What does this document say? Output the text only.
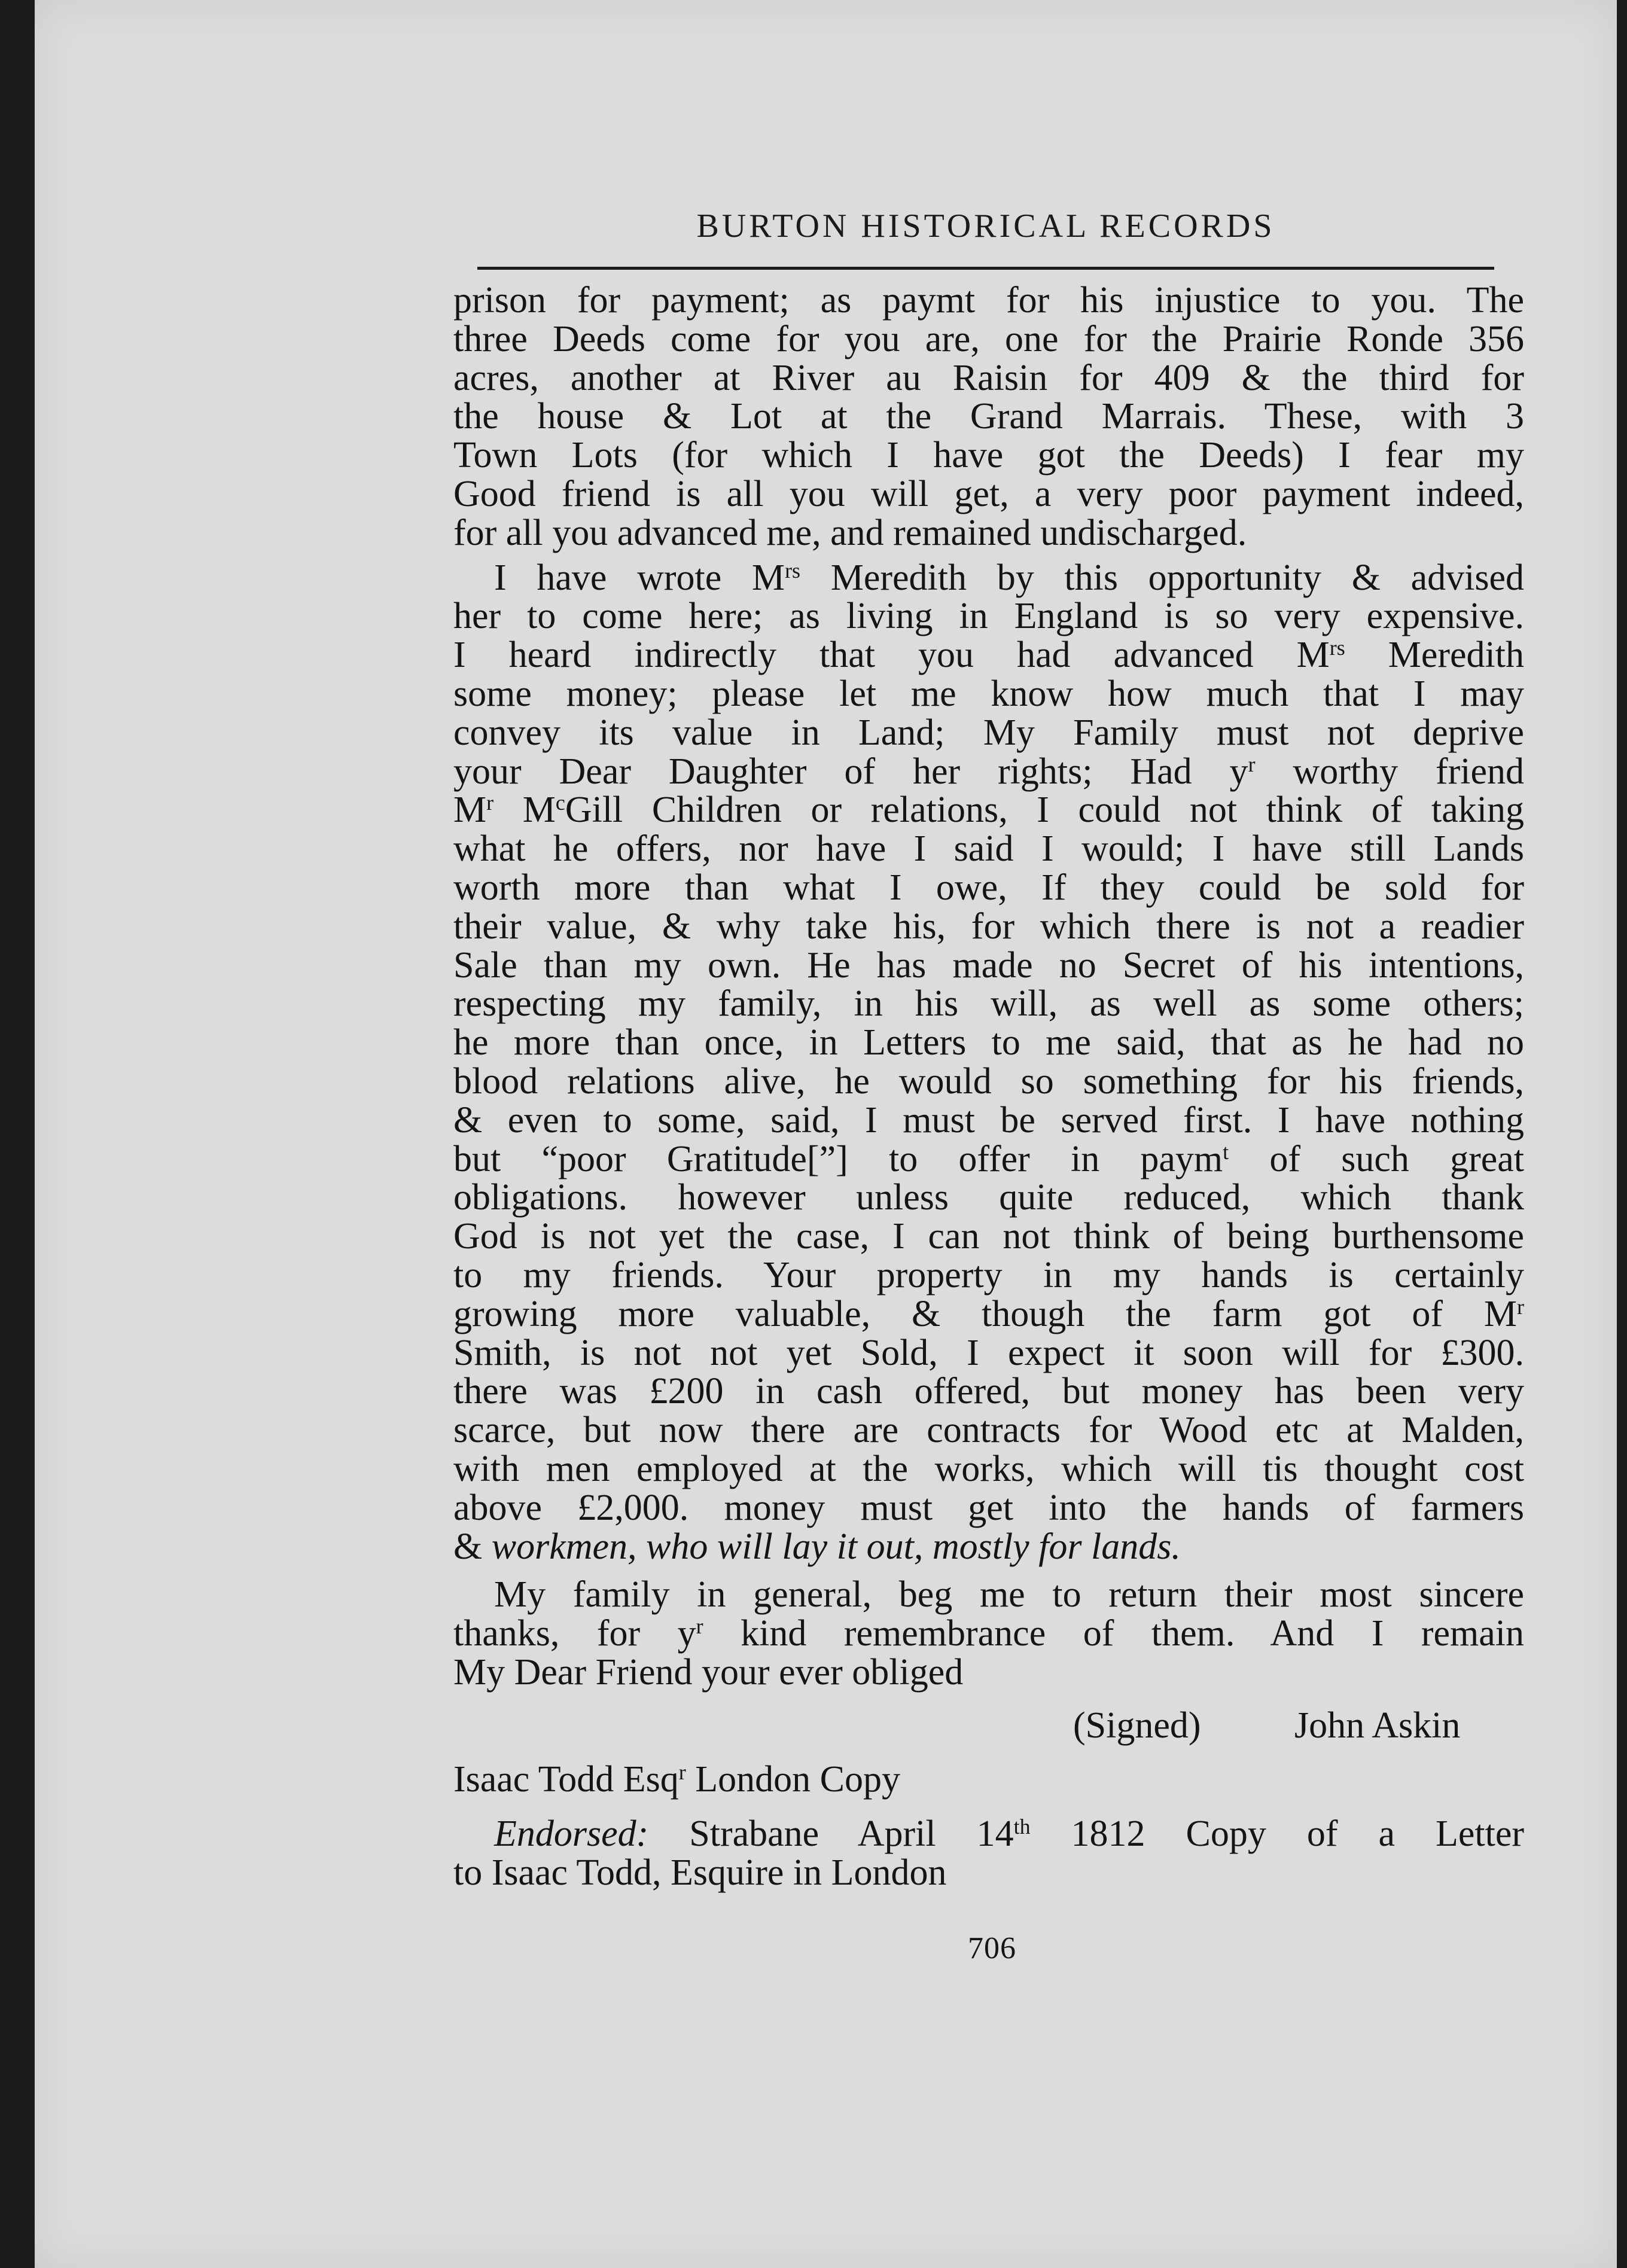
BURTON HISTORICAL RECORDS
prison for payment; as paymt for his injustice to you. The
three Deeds come for you are, one for the Prairie Ronde 356
acres, another at River au Raisin for 409 & the third for
the house & Lot at the Grand Marrais. These, with 3
Town Lots (for which I have got the Deeds) I fear my
Good friend is all you will get, a very poor payment indeed,
for all you advanced me, and remained undischarged.
I have wrote $M^{rs}$ Meredith by this opportunity & advised
her to come here; as living in England is so very expensive.
I heard indirectly that you had advanced $M^{rs}$ Meredith
some money; please let me know how much that I may
convey its value in Land; My Family must not deprive
your Dear Daughter of her rights; Had $y^r$ worthy friend
$M^r$ $M^cGill$ Children or relations, I could not think of taking
what he offers, nor have I said I would; I have still Lands
worth more than what I owe, If they could be sold for
their value, & why take his, for which there is not a readier
Sale than my own. He has made no Secret of his intentions,
respecting my family, in his will, as well as some others;
he more than once, in Letters to me said, that as he had no
blood relations alive, he would so something for his friends,
& even to some, said, I must be served first. I have nothing
but “poor Gratitude[”] to offer in paym$^t$ of such great
obligations. however unless quite reduced, which thank
God is not yet the case, I can not think of being burthensome
to my friends. Your property in my hands is certainly
growing more valuable, & though the farm got of $M^r$
Smith, is not not yet Sold, I expect it soon will for £300.
there was £200 in cash offered, but money has been very
scarce, but now there are contracts for Wood etc at Malden,
with men employed at the works, which will tis thought cost
above £2,000. money must get into the hands of farmers
& workmen, who will lay it out, mostly for lands.
My family in general, beg me to return their most sincere
thanks, for $y^r$ kind remembrance of them. And I remain
My Dear Friend your ever obliged
(Signed)	John Askin
Isaac Todd Esq$^r$ London Copy
Endorsed: Strabane April 14th 1812 Copy of a Letter
to Isaac Todd, Esquire in London
706
